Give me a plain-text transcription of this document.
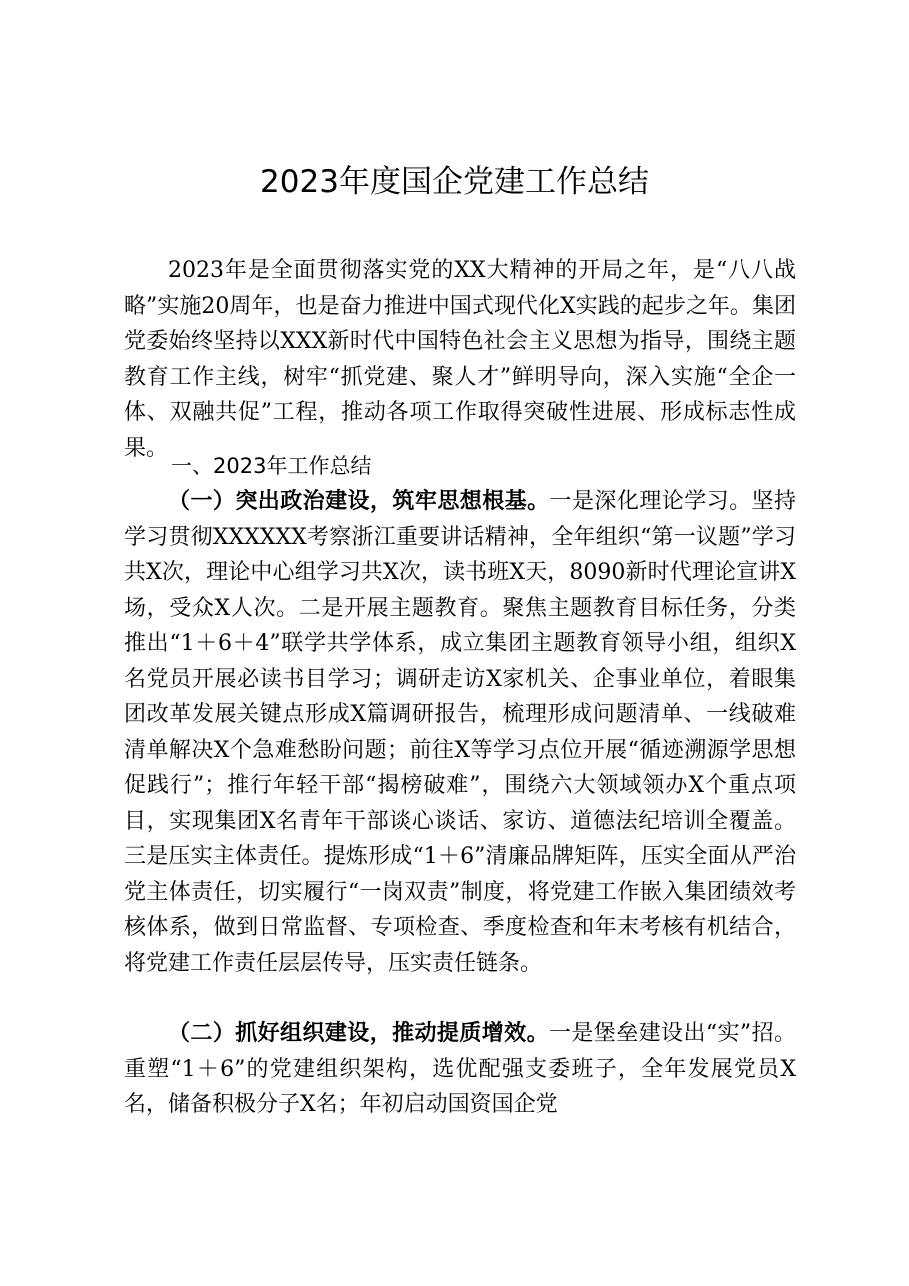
2023年度国企党建工作总结

2023年是全面贯彻落实党的XX大精神的开局之年，是“八八战略”实施20周年，也是奋力推进中国式现代化X实践的起步之年。集团党委始终坚持以XXX新时代中国特色社会主义思想为指导，围绕主题教育工作主线，树牢“抓党建、聚人才”鲜明导向，深入实施“全企一体、双融共促”工程，推动各项工作取得突破性进展、形成标志性成果。

一、2023年工作总结

（一）突出政治建设，筑牢思想根基。一是深化理论学习。坚持学习贯彻XXXXXX考察浙江重要讲话精神，全年组织“第一议题”学习共X次，理论中心组学习共X次，读书班X天，8090新时代理论宣讲X场，受众X人次。二是开展主题教育。聚焦主题教育目标任务，分类推出“1＋6＋4”联学共学体系，成立集团主题教育领导小组，组织X名党员开展必读书目学习；调研走访X家机关、企事业单位，着眼集团改革发展关键点形成X篇调研报告，梳理形成问题清单、一线破难清单解决X个急难愁盼问题；前往X等学习点位开展“循迹溯源学思想促践行”；推行年轻干部“揭榜破难”，围绕六大领域领办X个重点项目，实现集团X名青年干部谈心谈话、家访、道德法纪培训全覆盖。三是压实主体责任。提炼形成“1＋6”清廉品牌矩阵，压实全面从严治党主体责任，切实履行“一岗双责”制度，将党建工作嵌入集团绩效考核体系，做到日常监督、专项检查、季度检查和年末考核有机结合，将党建工作责任层层传导，压实责任链条。

（二）抓好组织建设，推动提质增效。一是堡垒建设出“实”招。重塑“1＋6”的党建组织架构，选优配强支委班子，全年发展党员X名，储备积极分子X名；年初启动国资国企党
